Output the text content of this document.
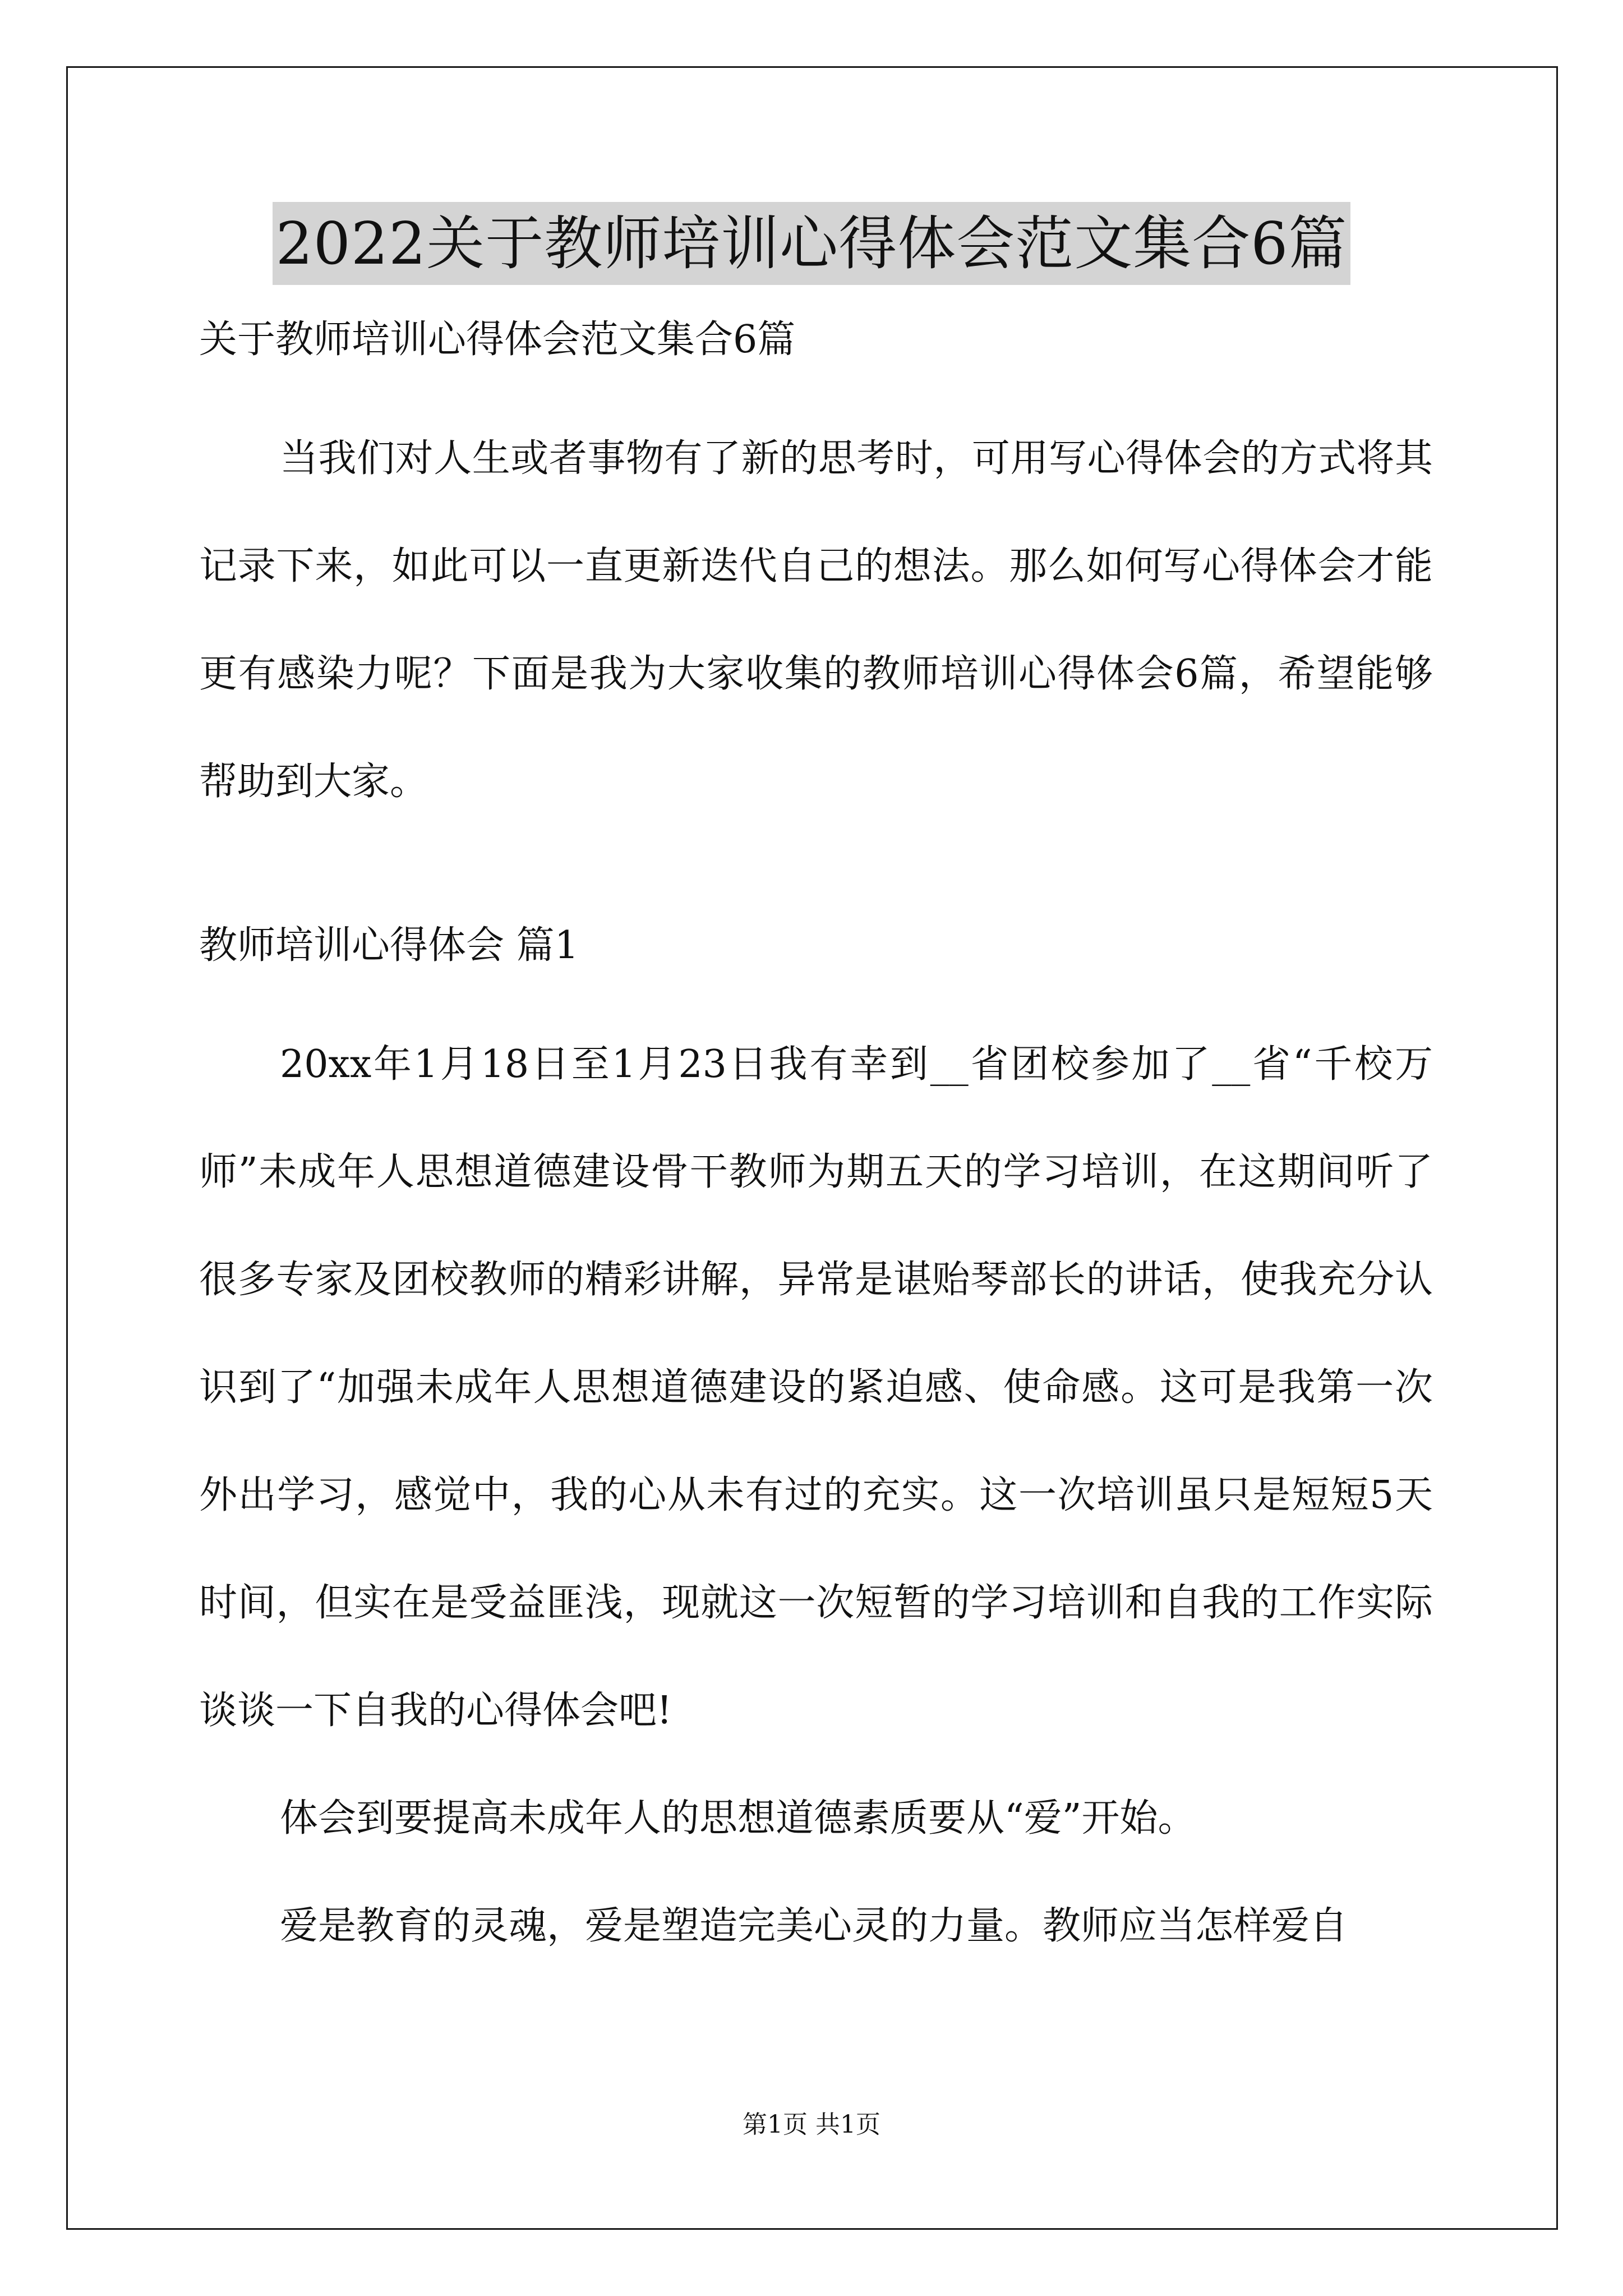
2022关于教师培训心得体会范文集合6篇

关于教师培训心得体会范文集合6篇

当我们对人生或者事物有了新的思考时，可用写心得体会的方式将其记录下来，如此可以一直更新迭代自己的想法。那么如何写心得体会才能更有感染力呢？下面是我为大家收集的教师培训心得体会6篇，希望能够帮助到大家。

教师培训心得体会 篇1

20xx年1月18日至1月23日我有幸到__省团校参加了__省“千校万师”未成年人思想道德建设骨干教师为期五天的学习培训，在这期间听了很多专家及团校教师的精彩讲解，异常是谌贻琴部长的讲话，使我充分认识到了“加强未成年人思想道德建设的紧迫感、使命感。这可是我第一次外出学习，感觉中，我的心从未有过的充实。这一次培训虽只是短短5天时间，但实在是受益匪浅，现就这一次短暂的学习培训和自我的工作实际谈谈一下自我的心得体会吧!

体会到要提高未成年人的思想道德素质要从“爱”开始。

爱是教育的灵魂，爱是塑造完美心灵的力量。教师应当怎样爱自

第1页 共1页
